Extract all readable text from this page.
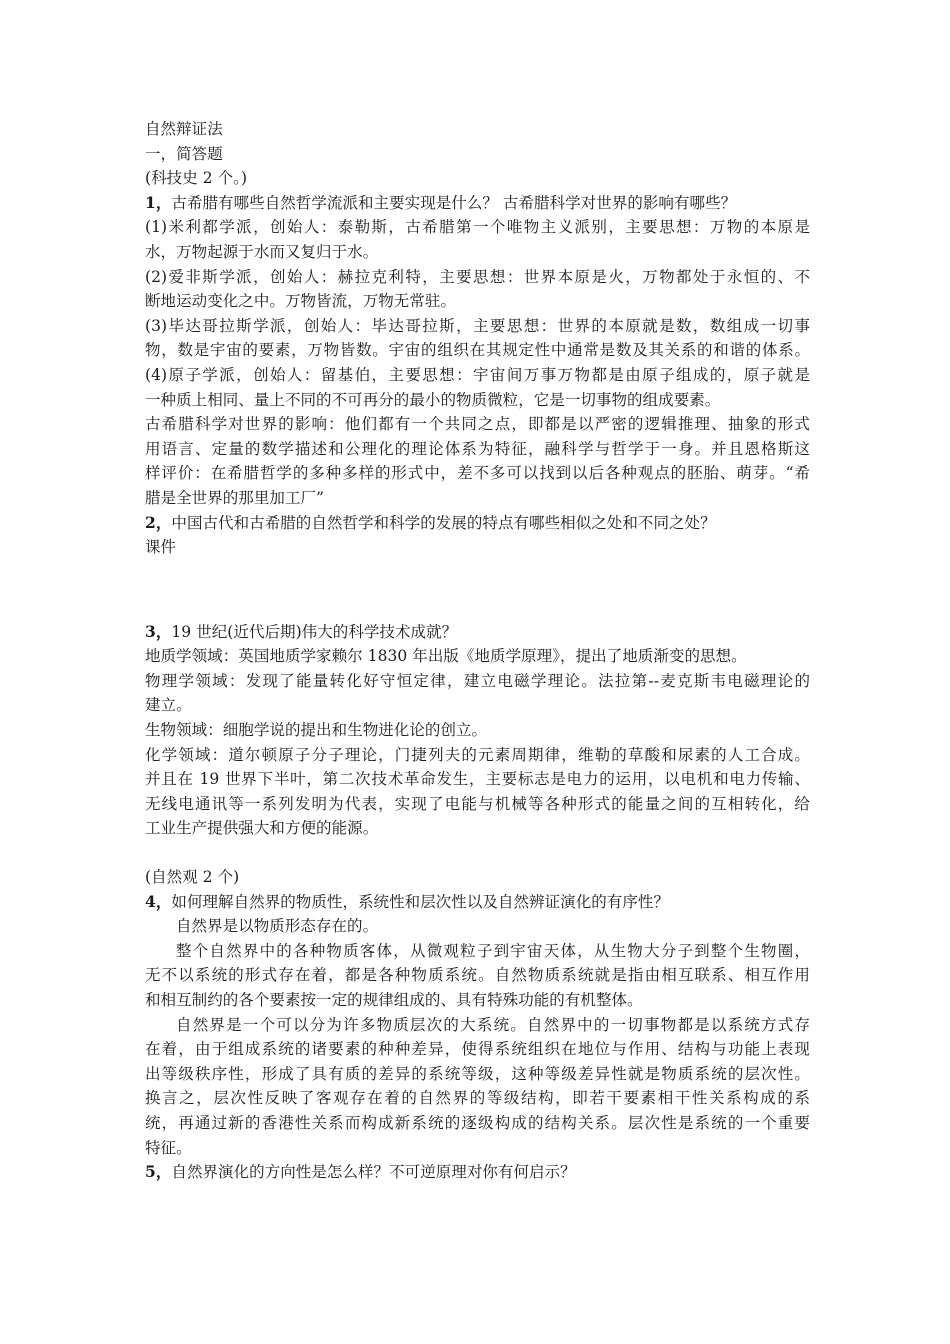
自然辩证法
一，简答题
(科技史 2 个。)
1，古希腊有哪些自然哲学流派和主要实现是什么？ 古希腊科学对世界的影响有哪些？
(1)米利都学派，创始人：泰勒斯，古希腊第一个唯物主义派别，主要思想：万物的本原是
水，万物起源于水而又复归于水。
(2)爱非斯学派，创始人：赫拉克利特，主要思想：世界本原是火，万物都处于永恒的、不
断地运动变化之中。万物皆流，万物无常驻。
(3)毕达哥拉斯学派，创始人：毕达哥拉斯，主要思想：世界的本原就是数，数组成一切事
物，数是宇宙的要素，万物皆数。宇宙的组织在其规定性中通常是数及其关系的和谐的体系。
(4)原子学派，创始人：留基伯，主要思想：宇宙间万事万物都是由原子组成的，原子就是
一种质上相同、量上不同的不可再分的最小的物质微粒，它是一切事物的组成要素。
古希腊科学对世界的影响：他们都有一个共同之点，即都是以严密的逻辑推理、抽象的形式
用语言、定量的数学描述和公理化的理论体系为特征，融科学与哲学于一身。并且恩格斯这
样评价：在希腊哲学的多种多样的形式中，差不多可以找到以后各种观点的胚胎、萌芽。“希
腊是全世界的那里加工厂”
2，中国古代和古希腊的自然哲学和科学的发展的特点有哪些相似之处和不同之处？
课件
3，19 世纪(近代后期)伟大的科学技术成就？
地质学领域：英国地质学家赖尔 1830 年出版《地质学原理》，提出了地质渐变的思想。
物理学领域：发现了能量转化好守恒定律，建立电磁学理论。法拉第--麦克斯韦电磁理论的
建立。
生物领域：细胞学说的提出和生物进化论的创立。
化学领域：道尔顿原子分子理论，门捷列夫的元素周期律，维勒的草酸和尿素的人工合成。
并且在 19 世界下半叶，第二次技术革命发生，主要标志是电力的运用，以电机和电力传输、
无线电通讯等一系列发明为代表，实现了电能与机械等各种形式的能量之间的互相转化，给
工业生产提供强大和方便的能源。
(自然观 2 个)
4，如何理解自然界的物质性，系统性和层次性以及自然辨证演化的有序性？
自然界是以物质形态存在的。
整个自然界中的各种物质客体，从微观粒子到宇宙天体，从生物大分子到整个生物圈，
无不以系统的形式存在着，都是各种物质系统。自然物质系统就是指由相互联系、相互作用
和相互制约的各个要素按一定的规律组成的、具有特殊功能的有机整体。
自然界是一个可以分为许多物质层次的大系统。自然界中的一切事物都是以系统方式存
在着，由于组成系统的诸要素的种种差异，使得系统组织在地位与作用、结构与功能上表现
出等级秩序性，形成了具有质的差异的系统等级，这种等级差异性就是物质系统的层次性。
换言之，层次性反映了客观存在着的自然界的等级结构，即若干要素相干性关系构成的系
统，再通过新的香港性关系而构成新系统的逐级构成的结构关系。层次性是系统的一个重要
特征。
5，自然界演化的方向性是怎么样？不可逆原理对你有何启示？
